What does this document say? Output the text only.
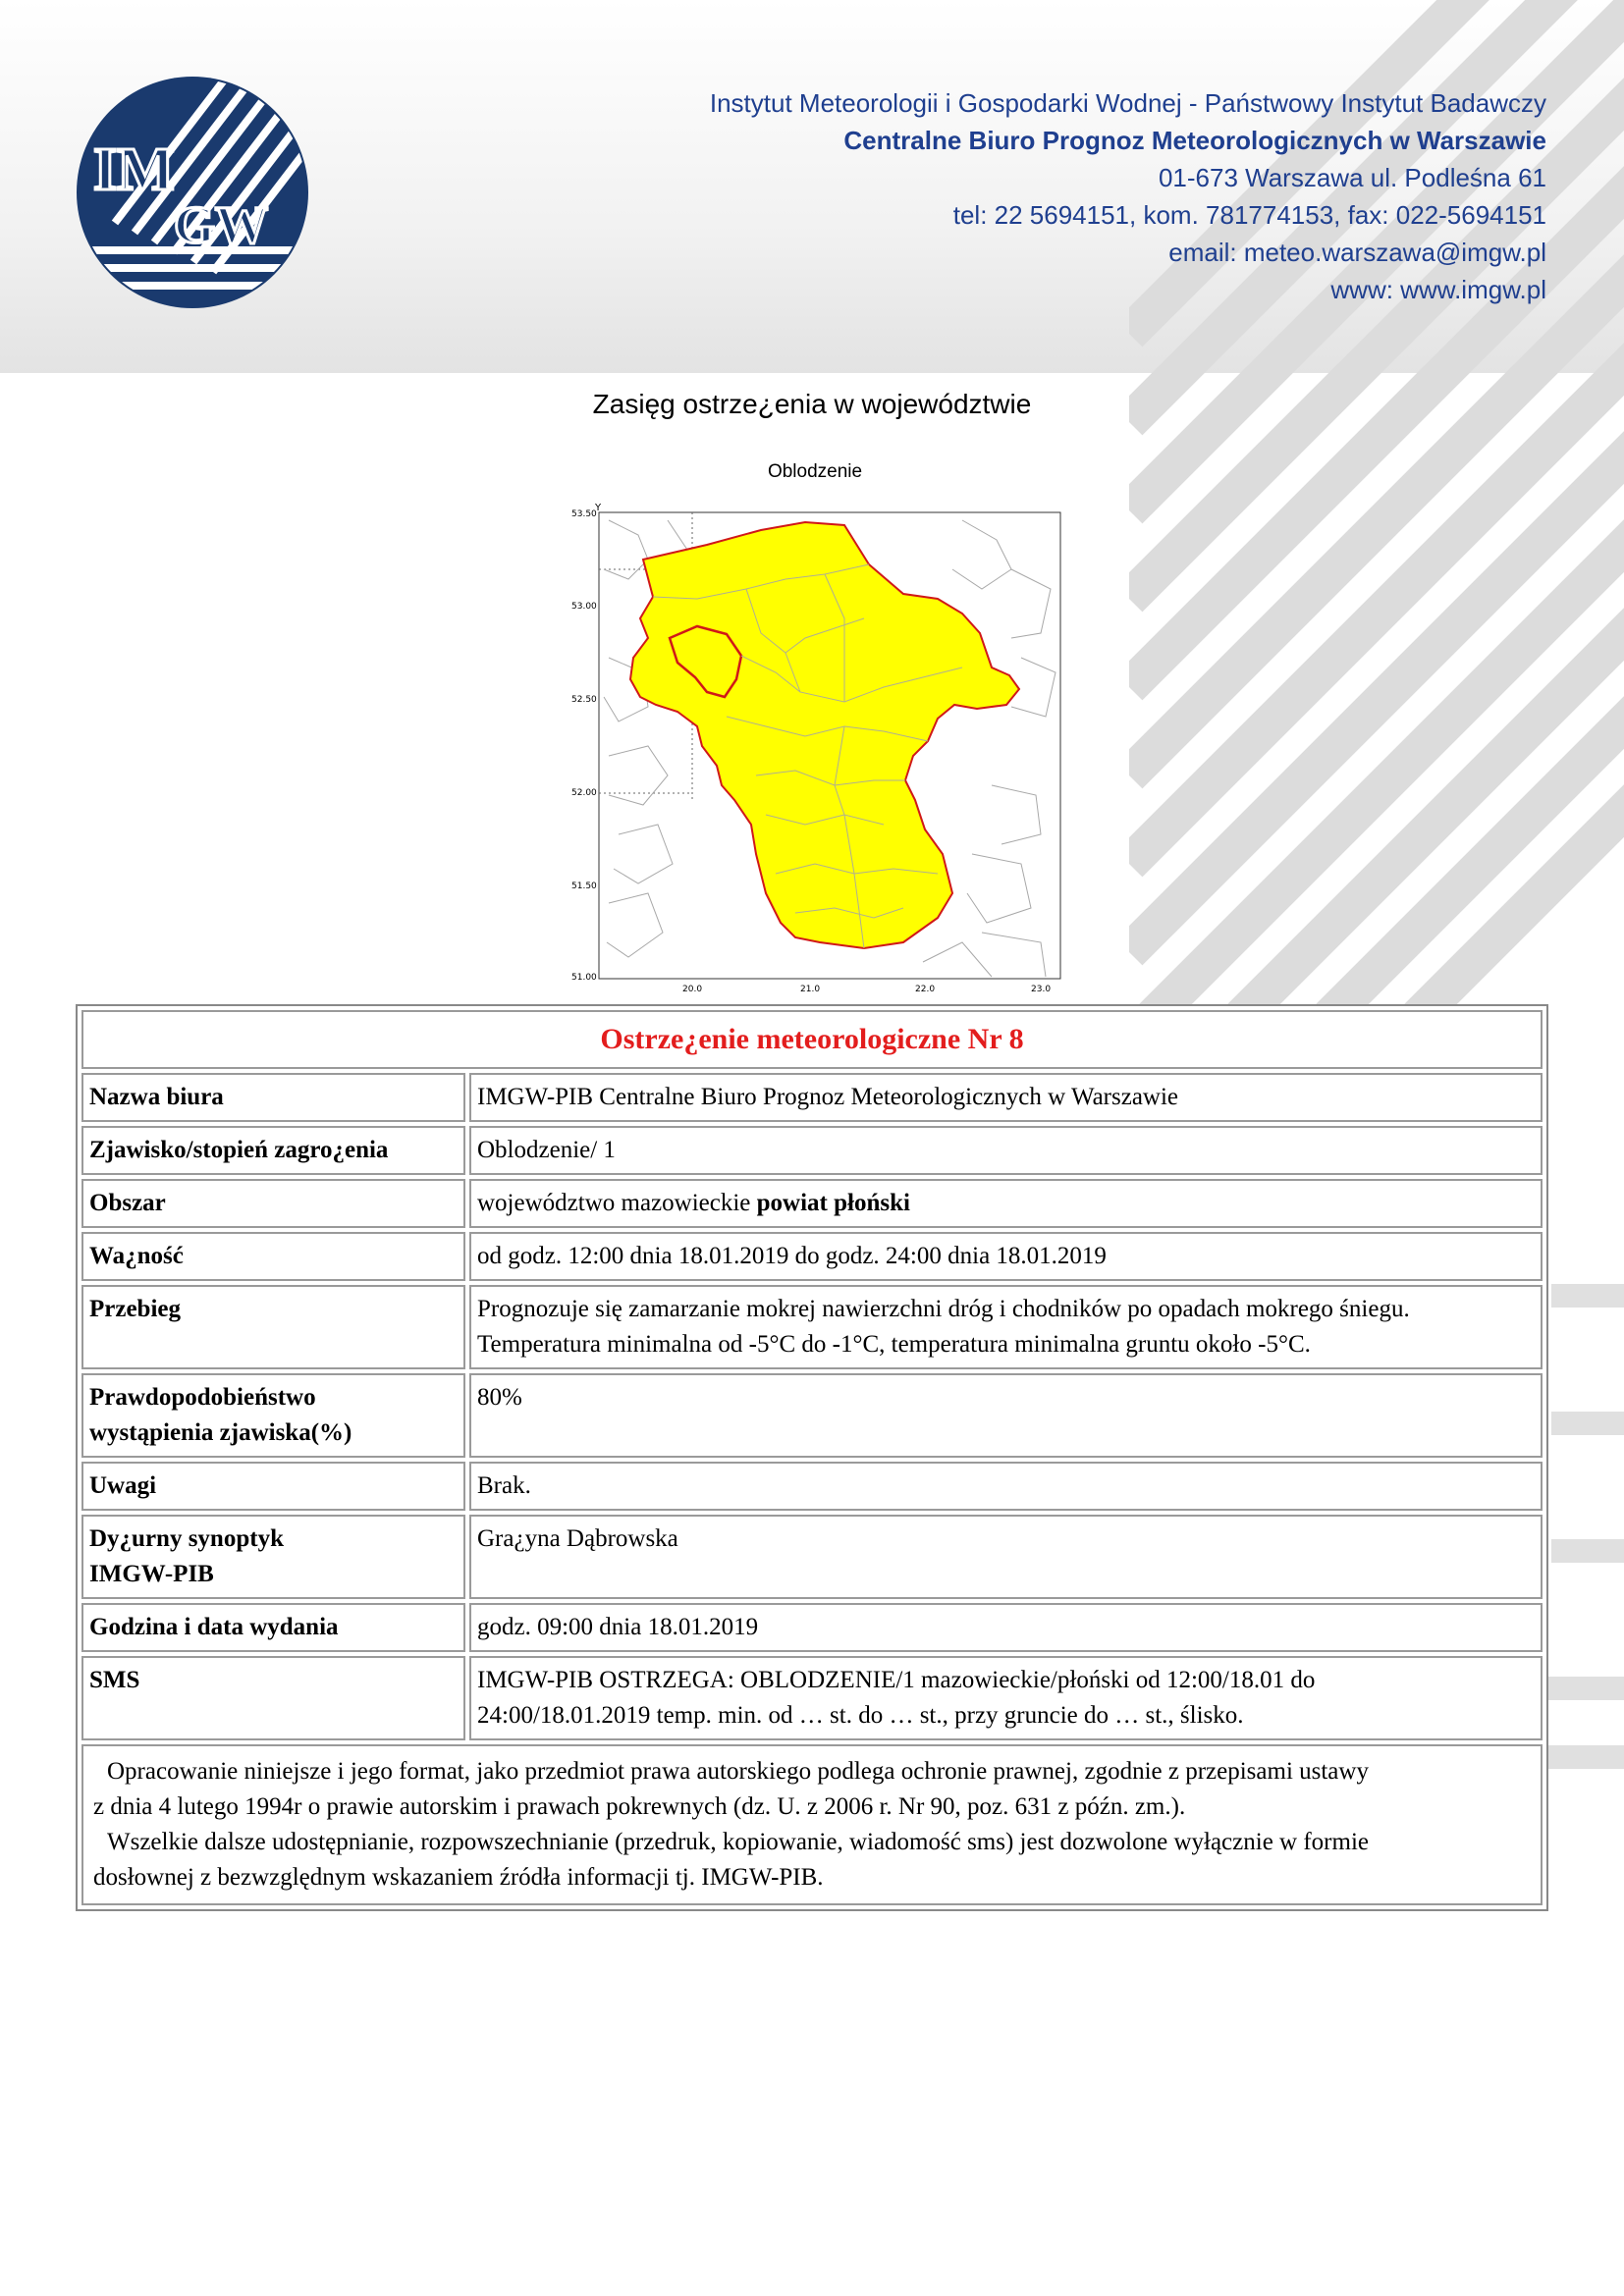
IM
GW
Instytut Meteorologii i Gospodarki Wodnej - Państwowy Instytut Badawczy
Centralne Biuro Prognoz Meteorologicznych w Warszawie
01-673 Warszawa ul. Podleśna 61
tel: 22 5694151, kom. 781774153, fax: 022-5694151
email: meteo.warszawa@imgw.pl
www: www.imgw.pl
Zasięg ostrze¿enia w województwie
Oblodzenie
Y
53.50
53.00
52.50
52.00
51.50
51.00
20.0	21.0	22.0	23.0
Ostrze¿enie meteorologiczne Nr 8	
Nazwa biura	IMGW-PIB Centralne Biuro Prognoz Meteorologicznych w Warszawie
Zjawisko/stopień zagro¿enia	Oblodzenie/ 1
Obszar	województwo mazowieckie powiat płoński
Wa¿ność	od godz. 12:00 dnia 18.01.2019 do godz. 24:00 dnia 18.01.2019
Przebieg	Prognozuje się zamarzanie mokrej nawierzchni dróg i chodników po opadach mokrego śniegu.
Temperatura minimalna od -5°C do -1°C, temperatura minimalna gruntu około -5°C.

Prawdopodobieństwo
wystąpienia zjawiska(%)	80%
Uwagi	Brak.

Dy¿urny synoptyk
IMGW-PIB	Gra¿yna Dąbrowska
Godzina i data wydania	godz. 09:00 dnia 18.01.2019
SMS	IMGW-PIB OSTRZEGA: OBLODZENIE/1 mazowieckie/płoński od 12:00/18.01 do
24:00/18.01.2019 temp. min. od … st. do … st., przy gruncie do … st., ślisko.

Opracowanie niniejsze i jego format, jako przedmiot prawa autorskiego podlega ochronie prawnej, zgodnie z przepisami ustawy

z dnia 4 lutego 1994r o prawie autorskim i prawach pokrewnych (dz. U. z 2006 r. Nr 90, poz. 631 z późn. zm.).

Wszelkie dalsze udostępnianie, rozpowszechnianie (przedruk, kopiowanie, wiadomość sms) jest dozwolone wyłącznie w formie

dosłownej z bezwzględnym wskazaniem źródła informacji tj. IMGW-PIB.	
